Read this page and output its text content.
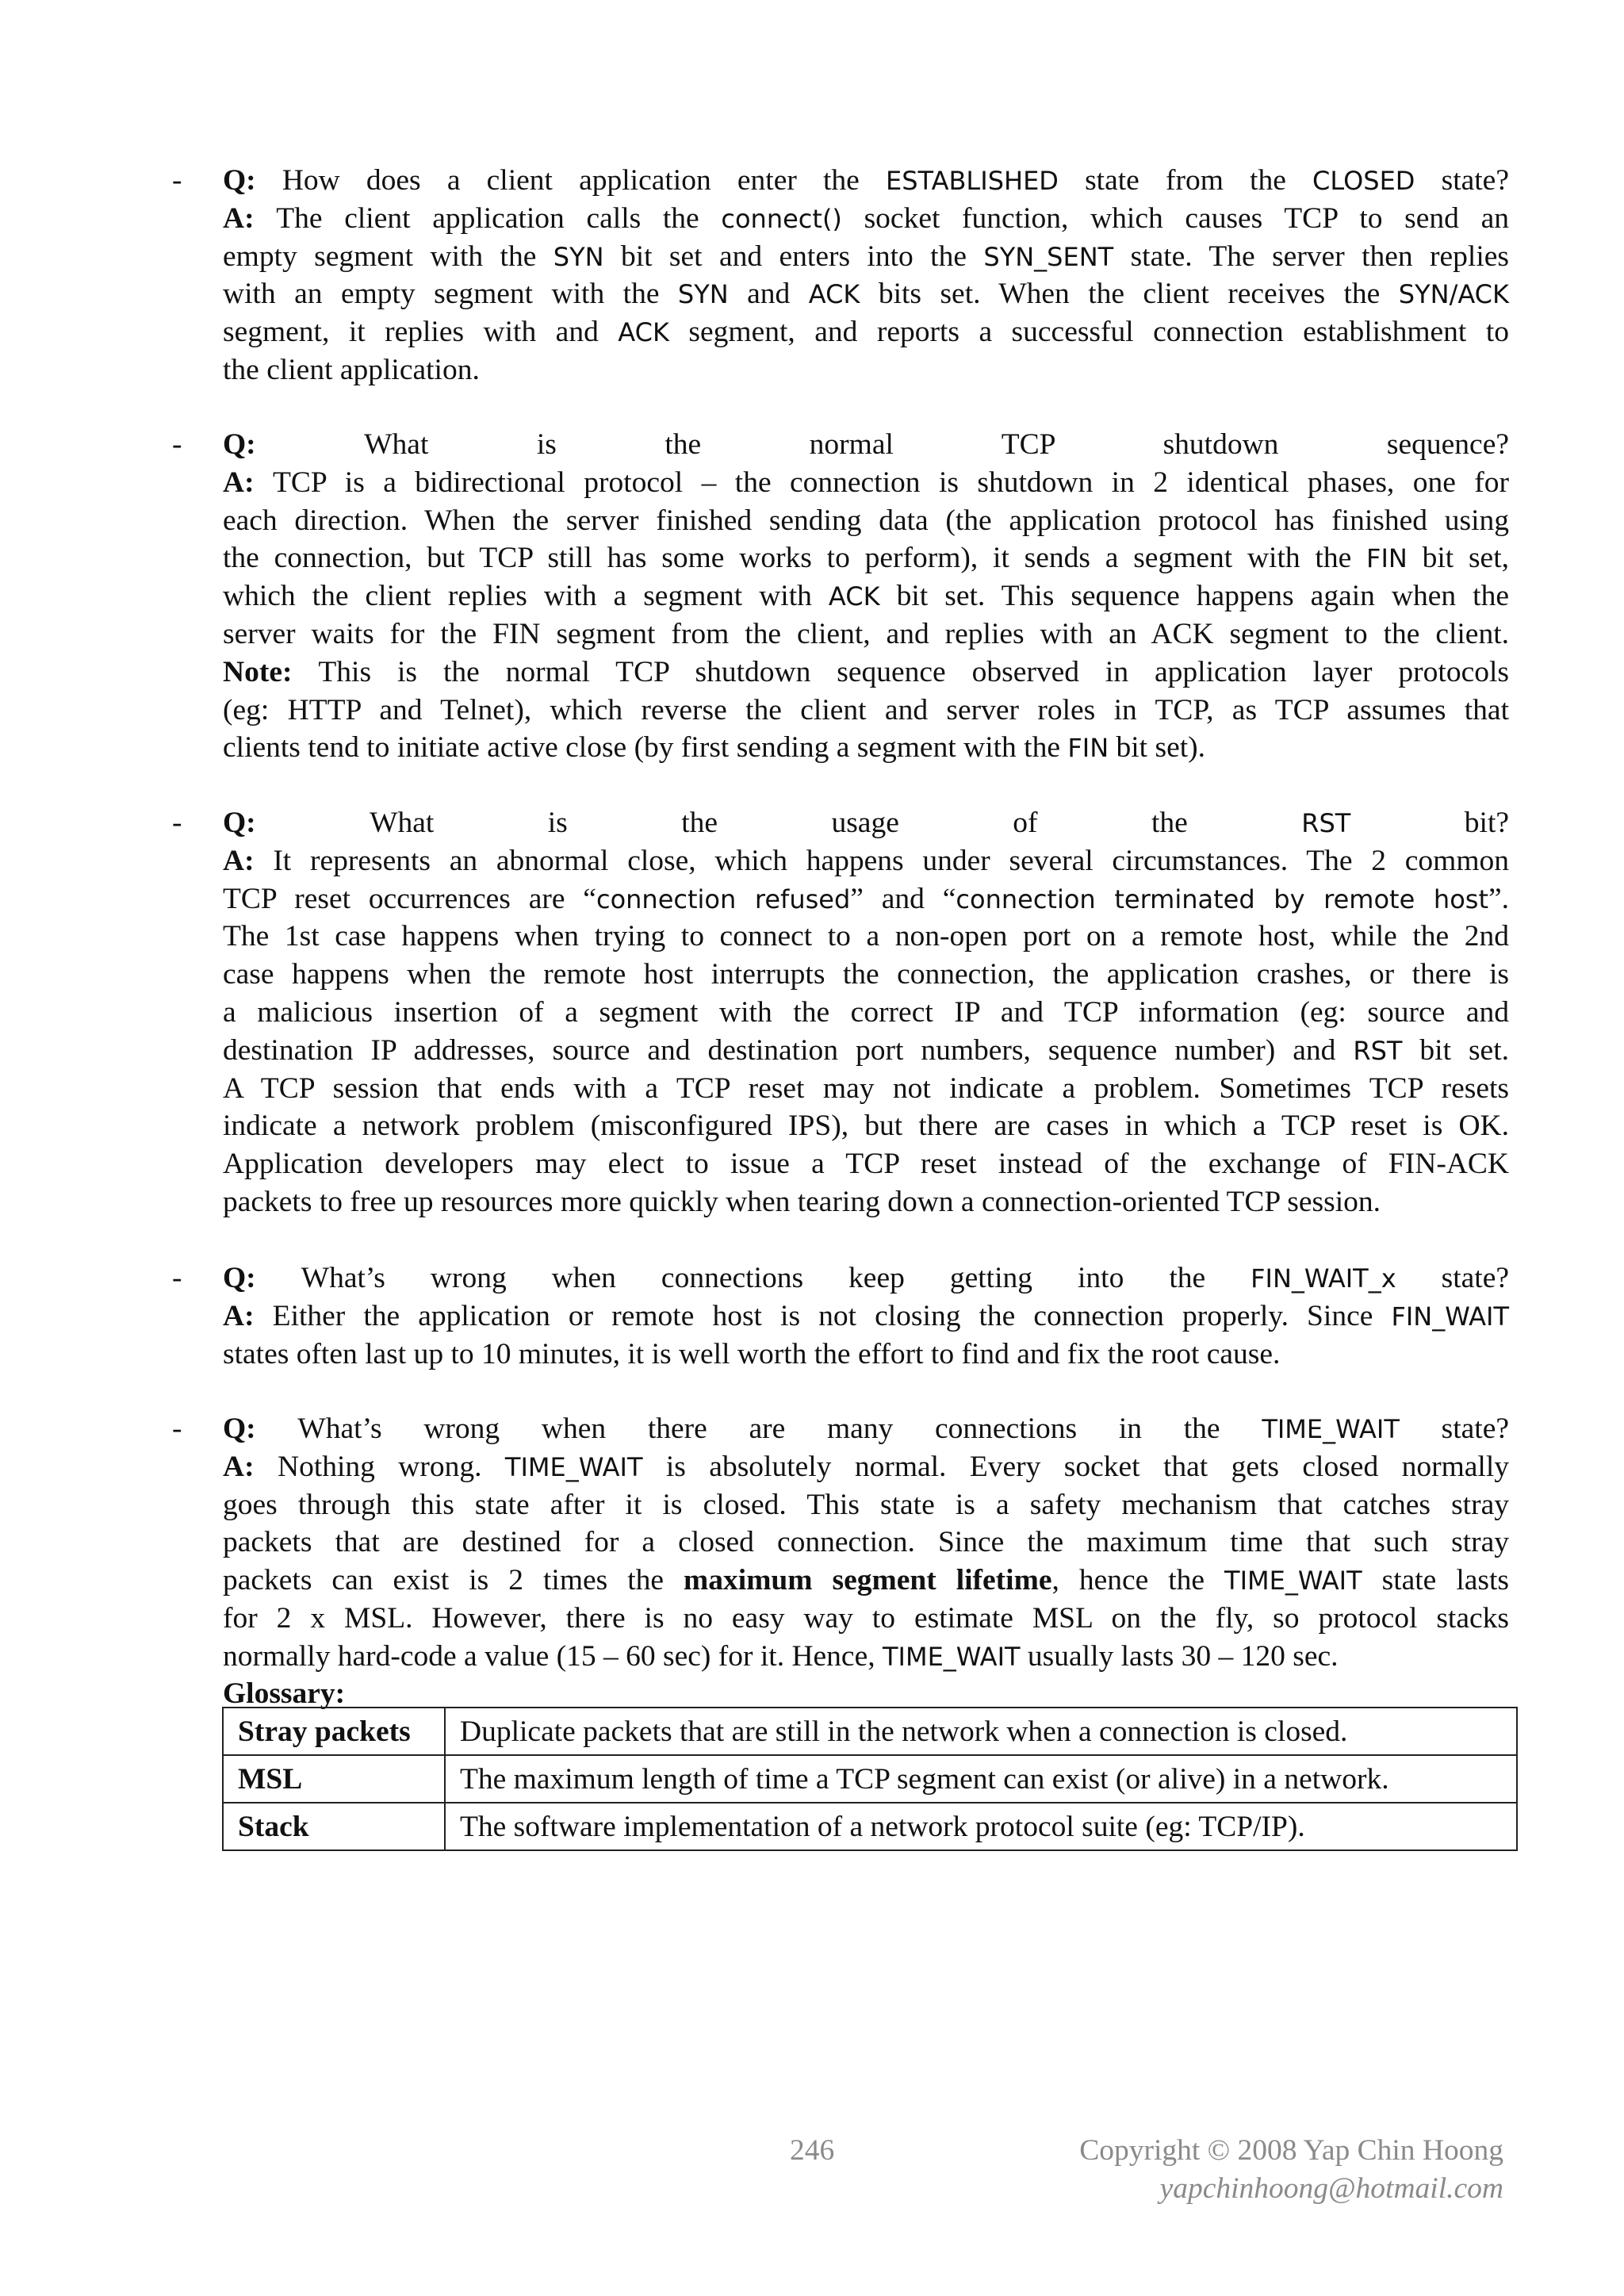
- Q: How does a client application enter the ESTABLISHED state from the CLOSED state?
A: The client application calls the connect() socket function, which causes TCP to send an
empty segment with the SYN bit set and enters into the SYN_SENT state. The server then replies
with an empty segment with the SYN and ACK bits set. When the client receives the SYN/ACK
segment, it replies with and ACK segment, and reports a successful connection establishment to
the client application.
- Q: What is the normal TCP shutdown sequence?
A: TCP is a bidirectional protocol – the connection is shutdown in 2 identical phases, one for
each direction. When the server finished sending data (the application protocol has finished using
the connection, but TCP still has some works to perform), it sends a segment with the FIN bit set,
which the client replies with a segment with ACK bit set. This sequence happens again when the
server waits for the FIN segment from the client, and replies with an ACK segment to the client.
Note: This is the normal TCP shutdown sequence observed in application layer protocols
(eg: HTTP and Telnet), which reverse the client and server roles in TCP, as TCP assumes that
clients tend to initiate active close (by first sending a segment with the FIN bit set).
- Q: What is the usage of the RST bit?
A: It represents an abnormal close, which happens under several circumstances. The 2 common
TCP reset occurrences are “connection refused” and “connection terminated by remote host”.
The 1st case happens when trying to connect to a non-open port on a remote host, while the 2nd
case happens when the remote host interrupts the connection, the application crashes, or there is
a malicious insertion of a segment with the correct IP and TCP information (eg: source and
destination IP addresses, source and destination port numbers, sequence number) and RST bit set.
A TCP session that ends with a TCP reset may not indicate a problem. Sometimes TCP resets
indicate a network problem (misconfigured IPS), but there are cases in which a TCP reset is OK.
Application developers may elect to issue a TCP reset instead of the exchange of FIN-ACK
packets to free up resources more quickly when tearing down a connection-oriented TCP session.
- Q: What’s wrong when connections keep getting into the FIN_WAIT_x state?
A: Either the application or remote host is not closing the connection properly. Since FIN_WAIT
states often last up to 10 minutes, it is well worth the effort to find and fix the root cause.
- Q: What’s wrong when there are many connections in the TIME_WAIT state?
A: Nothing wrong. TIME_WAIT is absolutely normal. Every socket that gets closed normally
goes through this state after it is closed. This state is a safety mechanism that catches stray
packets that are destined for a closed connection. Since the maximum time that such stray
packets can exist is 2 times the maximum segment lifetime, hence the TIME_WAIT state lasts
for 2 x MSL. However, there is no easy way to estimate MSL on the fly, so protocol stacks
normally hard-code a value (15 – 60 sec) for it. Hence, TIME_WAIT usually lasts 30 – 120 sec.
Glossary:
Stray packets	Duplicate packets that are still in the network when a connection is closed.
MSL	The maximum length of time a TCP segment can exist (or alive) in a network.
Stack	The software implementation of a network protocol suite (eg: TCP/IP).
246	Copyright © 2008 Yap Chin Hoong
yapchinhoong@hotmail.com
